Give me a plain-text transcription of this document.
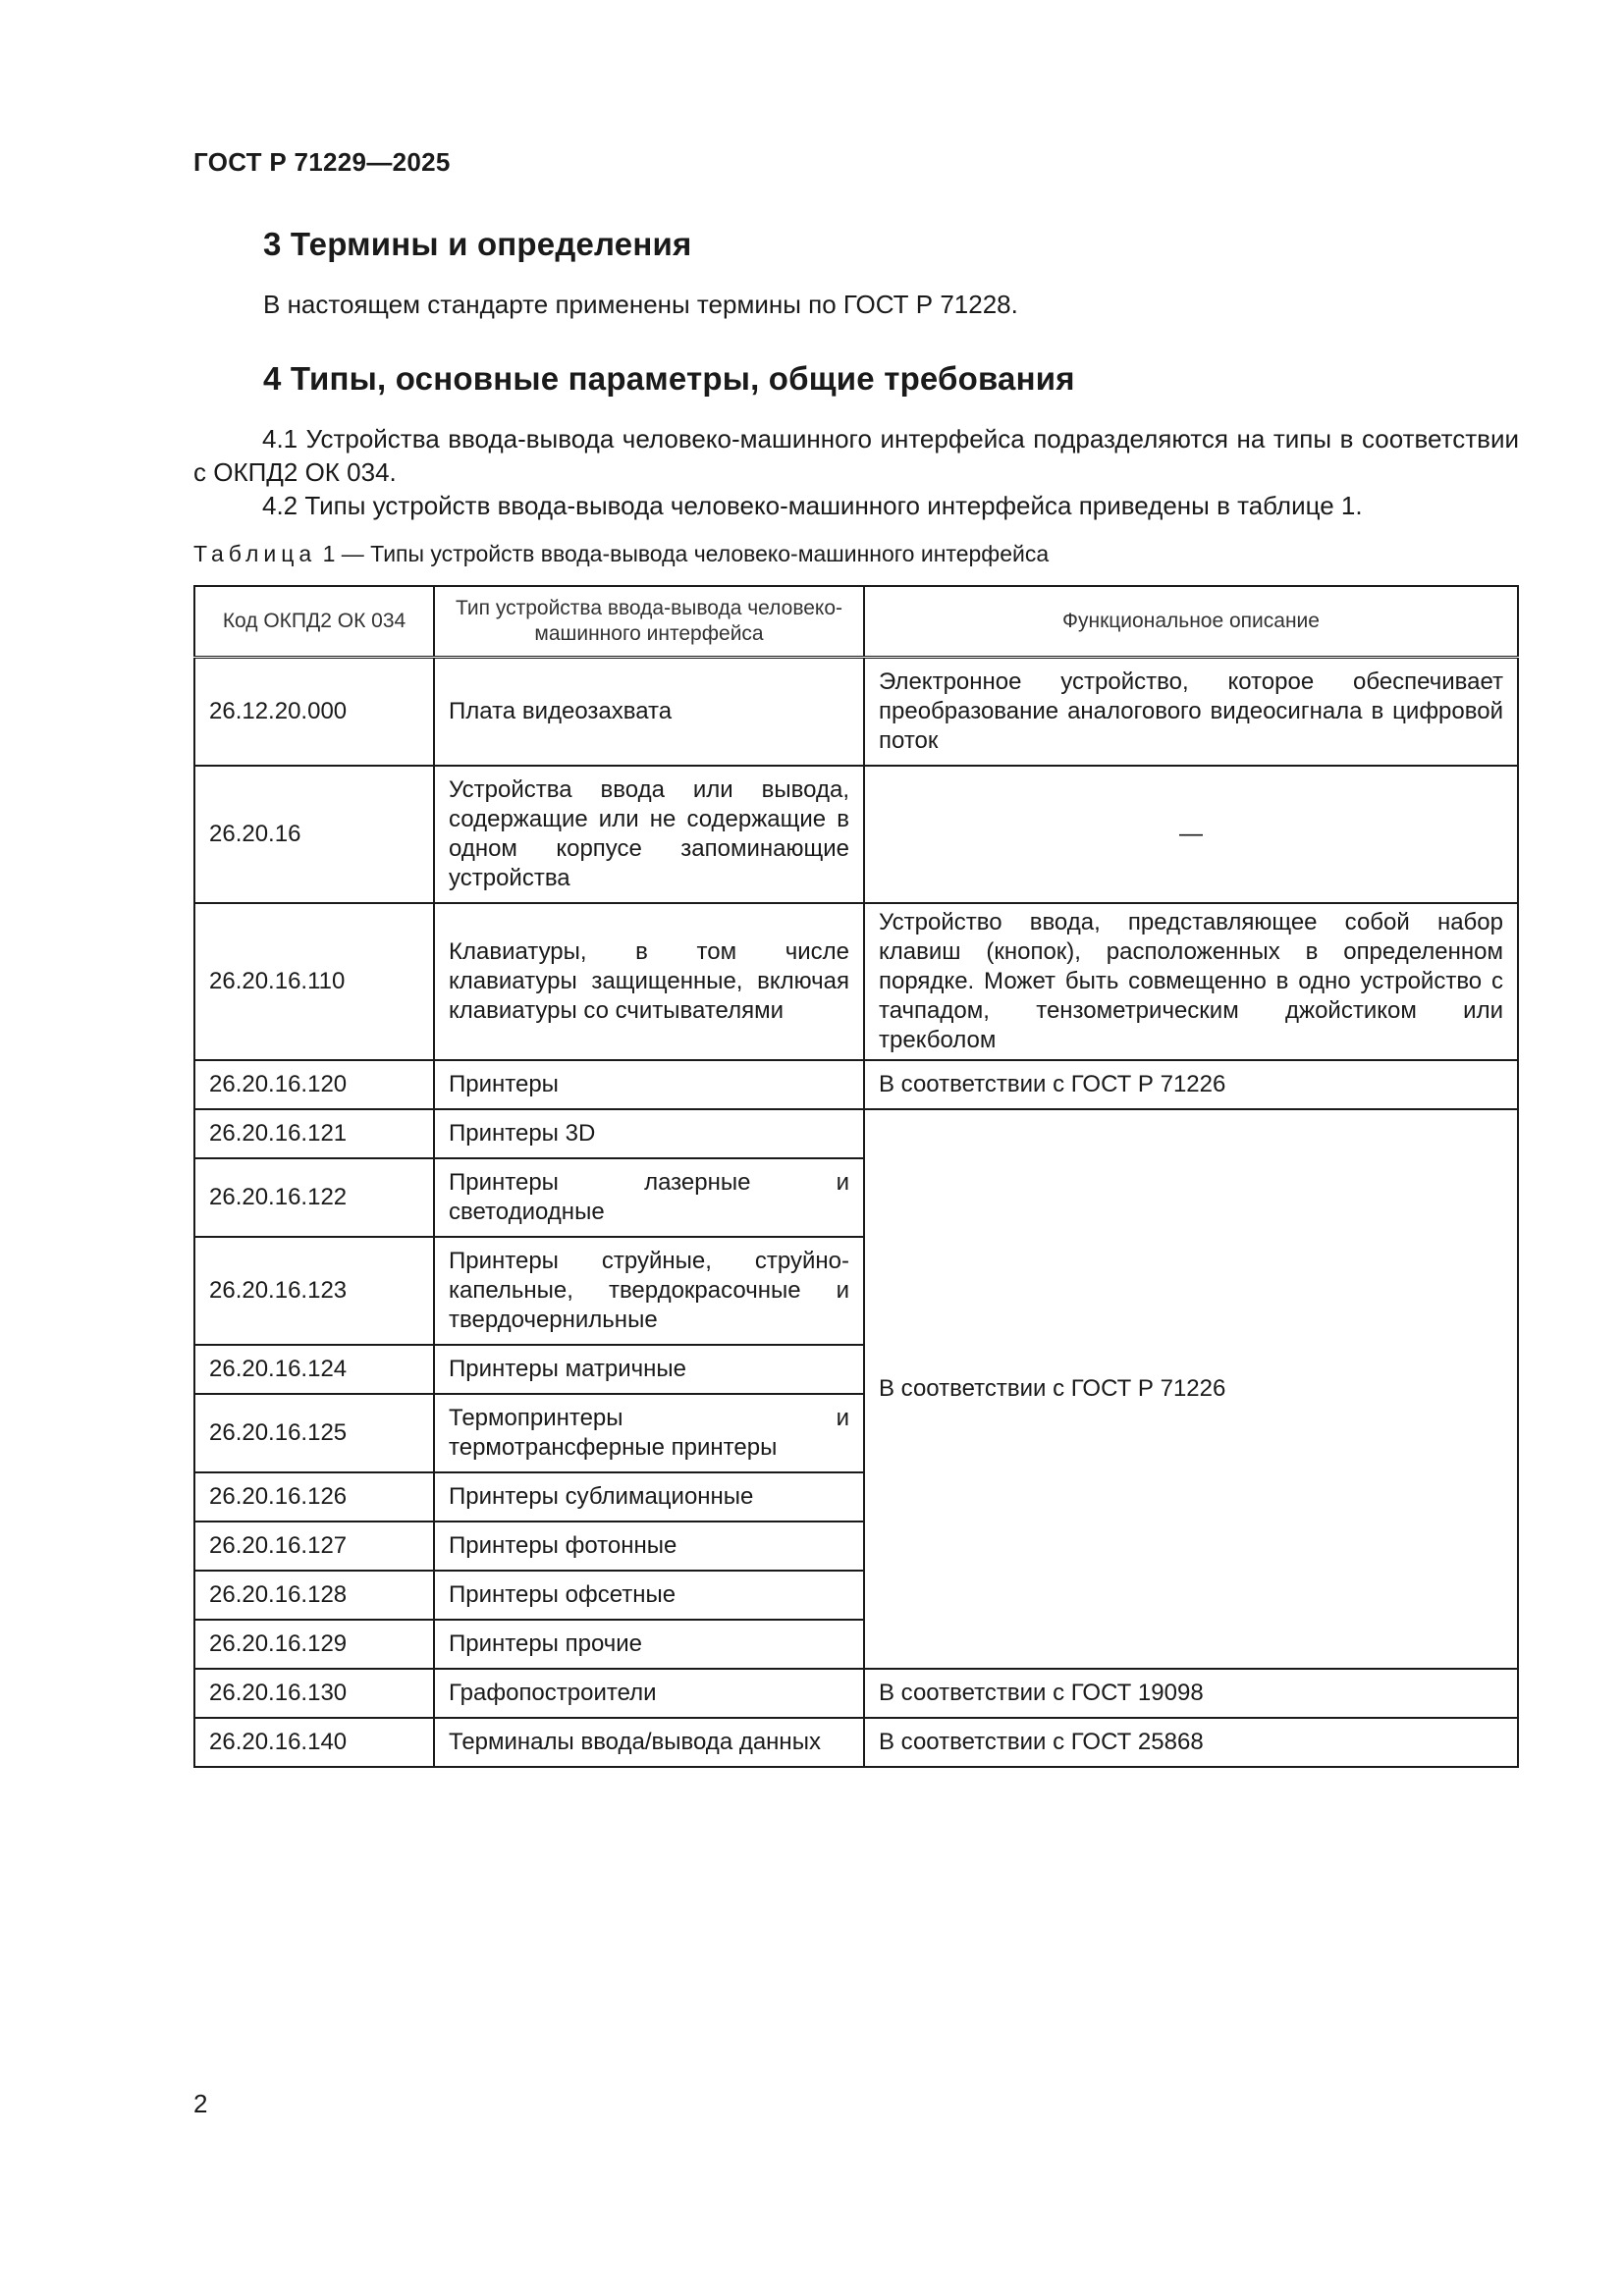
ГОСТ Р 71229—2025
3 Термины и определения
В настоящем стандарте применены термины по ГОСТ Р 71228.
4 Типы, основные параметры, общие требования
4.1 Устройства ввода-вывода человеко-машинного интерфейса подразделяются на типы в соответствии с ОКПД2 ОК 034.
4.2 Типы устройств ввода-вывода человеко-машинного интерфейса приведены в таблице 1.
Таблица 1 — Типы устройств ввода-вывода человеко-машинного интерфейса
Код ОКПД2 ОК 034	Тип устройства ввода-вывода человеко-машинного интерфейса	Функциональное описание
26.12.20.000	Плата видеозахвата	Электронное устройство, которое обеспечивает преобразование аналогового видеосигнала в цифровой поток
26.20.16	Устройства ввода или вывода, содержащие или не содержащие в одном корпусе запоминающие устройства	—
26.20.16.110	Клавиатуры, в том числе клавиатуры защищенные, включая клавиатуры со считывателями	Устройство ввода, представляющее собой набор клавиш (кнопок), расположенных в определенном порядке. Может быть совмещенно в одно устройство с тачпадом, тензометрическим джойстиком или трекболом
26.20.16.120	Принтеры	В соответствии с ГОСТ Р 71226
26.20.16.121	Принтеры 3D	В соответствии с ГОСТ Р 71226
26.20.16.122	Принтеры лазерные и светодиодные	
26.20.16.123	Принтеры струйные, струйно-капельные, твердокрасочные и твердочернильные	
26.20.16.124	Принтеры матричные	
26.20.16.125	Термопринтеры и термотрансферные принтеры	
26.20.16.126	Принтеры сублимационные	
26.20.16.127	Принтеры фотонные	
26.20.16.128	Принтеры офсетные	
26.20.16.129	Принтеры прочие	
26.20.16.130	Графопостроители	В соответствии с ГОСТ 19098
26.20.16.140	Терминалы ввода/вывода данных	В соответствии с ГОСТ 25868
2
